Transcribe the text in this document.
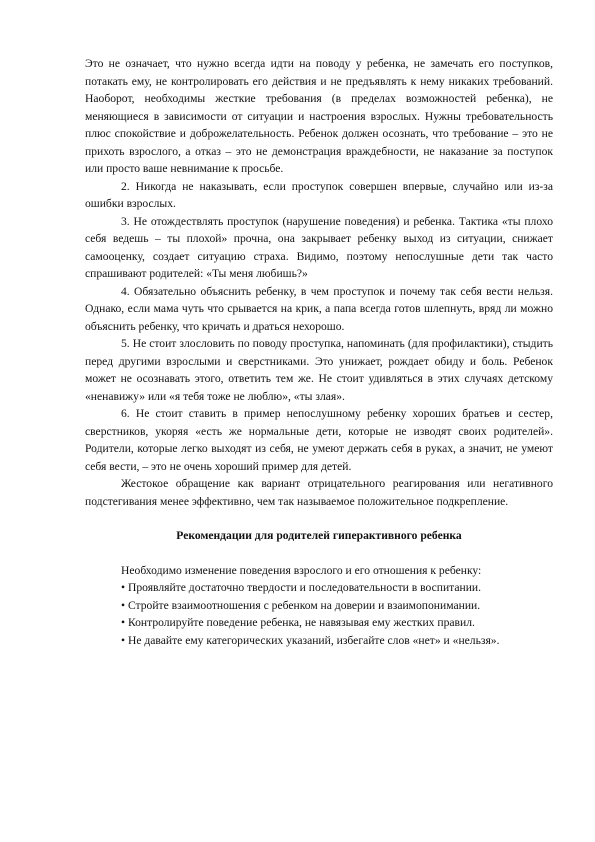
Это не означает, что нужно всегда идти на поводу у ребенка, не замечать его поступков, потакать ему, не контролировать его действия и не предъявлять к нему никаких требований. Наоборот, необходимы жесткие требования (в пределах возможностей ребенка), не меняющиеся в зависимости от ситуации и настроения взрослых. Нужны требовательность плюс спокойствие и доброжелательность. Ребенок должен осознать, что требование – это не прихоть взрослого, а отказ – это не демонстрация враждебности, не наказание за поступок или просто ваше невнимание к просьбе.

2. Никогда не наказывать, если проступок совершен впервые, случайно или из-за ошибки взрослых.

3. Не отождествлять проступок (нарушение поведения) и ребенка. Тактика «ты плохо себя ведешь – ты плохой» прочна, она закрывает ребенку выход из ситуации, снижает самооценку, создает ситуацию страха. Видимо, поэтому непослушные дети так часто спрашивают родителей: «Ты меня любишь?»

4. Обязательно объяснить ребенку, в чем проступок и почему так себя вести нельзя. Однако, если мама чуть что срывается на крик, а папа всегда готов шлепнуть, вряд ли можно объяснить ребенку, что кричать и драться нехорошо.

5. Не стоит злословить по поводу проступка, напоминать (для профилактики), стыдить перед другими взрослыми и сверстниками. Это унижает, рождает обиду и боль. Ребенок может не осознавать этого, ответить тем же. Не стоит удивляться в этих случаях детскому «ненавижу» или «я тебя тоже не люблю», «ты злая».

6. Не стоит ставить в пример непослушному ребенку хороших братьев и сестер, сверстников, укоряя «есть же нормальные дети, которые не изводят своих родителей». Родители, которые легко выходят из себя, не умеют держать себя в руках, а значит, не умеют себя вести, – это не очень хороший пример для детей.

Жестокое обращение как вариант отрицательного реагирования или негативного подстегивания менее эффективно, чем так называемое положительное подкрепление.

Рекомендации для родителей гиперактивного ребенка

Необходимо изменение поведения взрослого и его отношения к ребенку:

• Проявляйте достаточно твердости и последовательности в воспитании.

• Стройте взаимоотношения с ребенком на доверии и взаимопонимании.

• Контролируйте поведение ребенка, не навязывая ему жестких правил.

• Не давайте ему категорических указаний, избегайте слов «нет» и «нельзя».
